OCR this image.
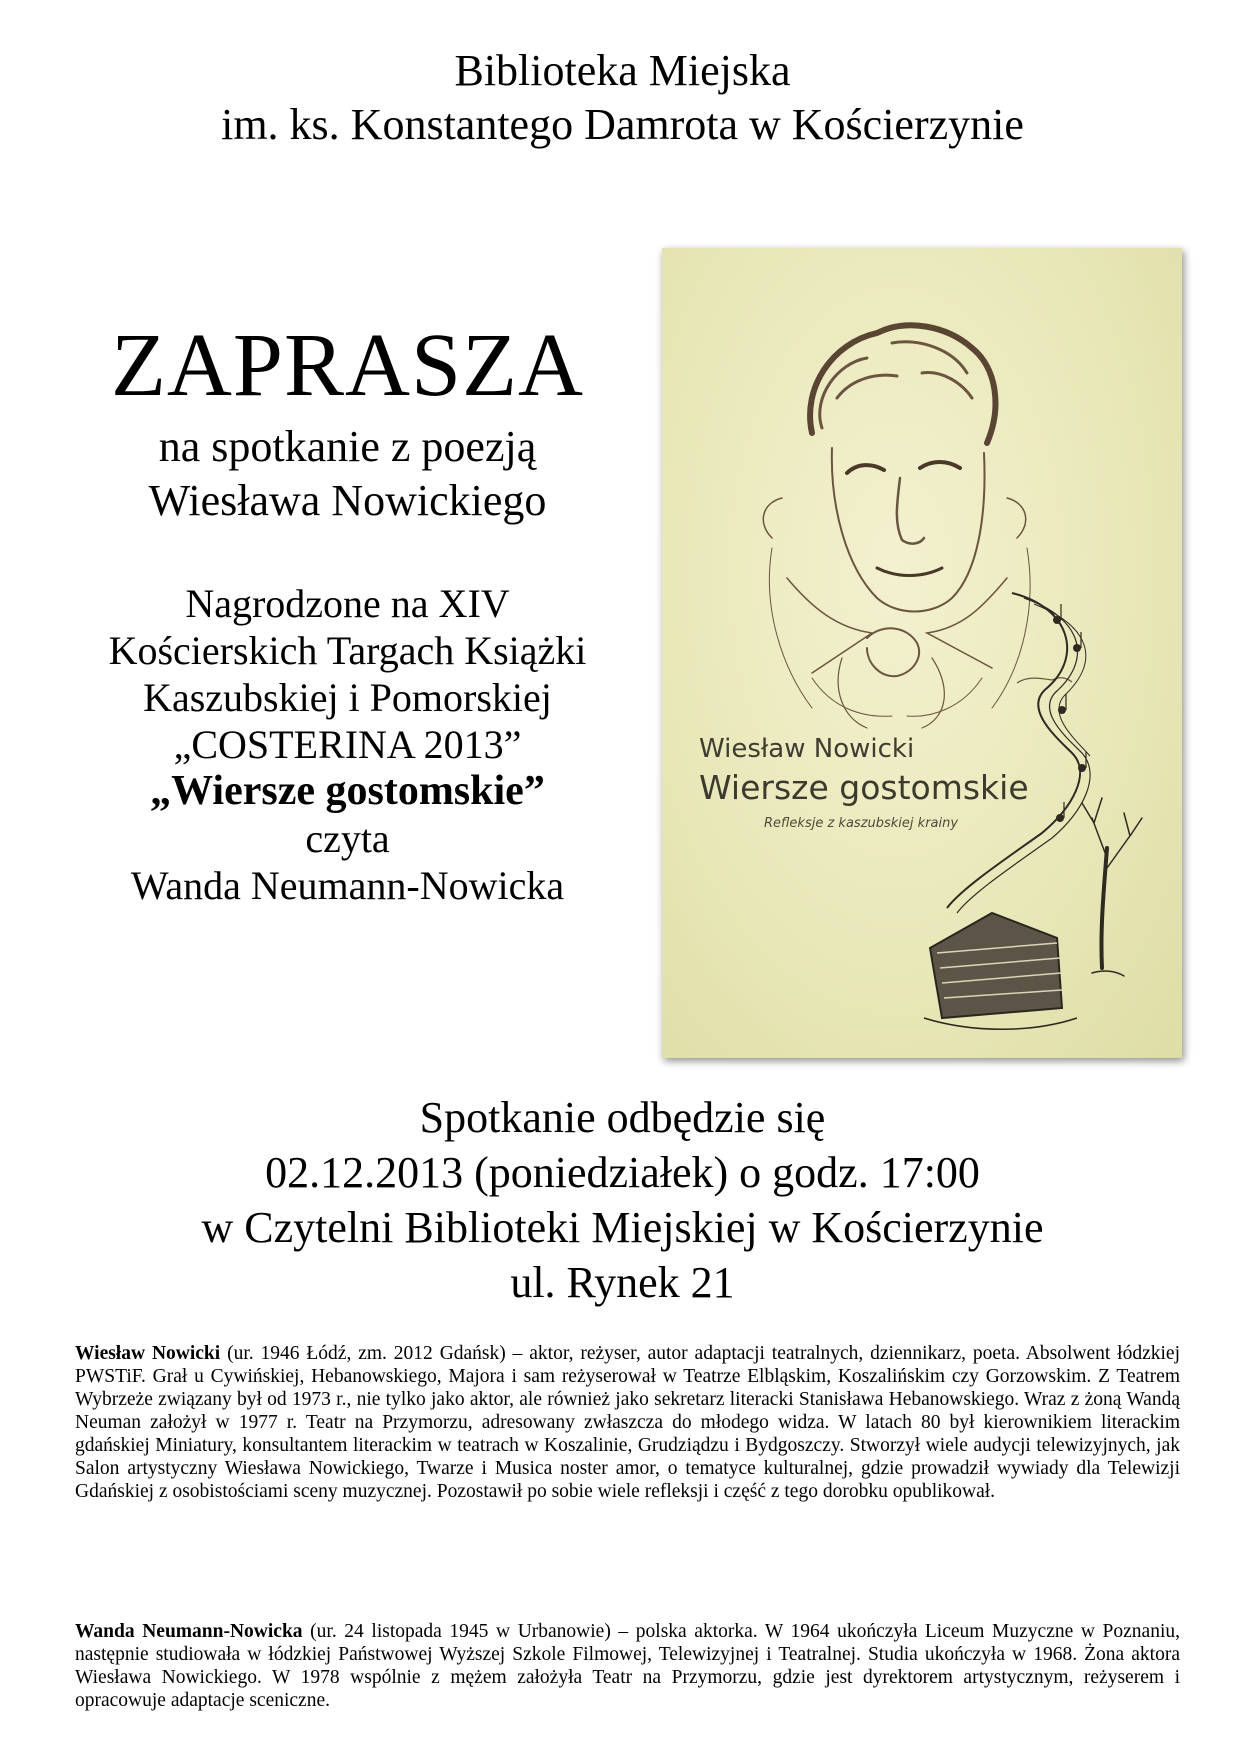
Biblioteka Miejska
im. ks. Konstantego Damrota w Kościerzynie
ZAPRASZA
na spotkanie z poezją
Wiesława Nowickiego
Nagrodzone na XIV
Kościerskich Targach Książki
Kaszubskiej i Pomorskiej
„COSTERINA 2013”
„Wiersze gostomskie”
czyta
Wanda Neumann-Nowicka
Wiesław Nowicki
Wiersze gostomskie
Refleksje z kaszubskiej krainy
Spotkanie odbędzie się
02.12.2013 (poniedziałek) o godz. 17:00
w Czytelni Biblioteki Miejskiej w Kościerzynie
ul. Rynek 21
Wiesław Nowicki (ur. 1946 Łódź, zm. 2012 Gdańsk) – aktor, reżyser, autor adaptacji teatralnych, dziennikarz, poeta. Absolwent łódzkiej PWSTiF. Grał u Cywińskiej, Hebanowskiego, Majora i sam reżyserował w Teatrze Elbląskim, Koszalińskim czy Gorzowskim. Z Teatrem Wybrzeże związany był od 1973 r., nie tylko jako aktor, ale również jako sekretarz literacki Stanisława Hebanowskiego. Wraz z żoną Wandą Neuman założył w 1977 r. Teatr na Przymorzu, adresowany zwłaszcza do młodego widza. W latach 80 był kierownikiem literackim gdańskiej Miniatury, konsultantem literackim w teatrach w Koszalinie, Grudziądzu i Bydgoszczy. Stworzył wiele audycji telewizyjnych, jak Salon artystyczny Wiesława Nowickiego, Twarze i Musica noster amor, o tematyce kulturalnej, gdzie prowadził wywiady dla Telewizji Gdańskiej z osobistościami sceny muzycznej. Pozostawił po sobie wiele refleksji i część z tego dorobku opublikował.
Wanda Neumann-Nowicka (ur. 24 listopada 1945 w Urbanowie) – polska aktorka. W 1964 ukończyła Liceum Muzyczne w Poznaniu, następnie studiowała w łódzkiej Państwowej Wyższej Szkole Filmowej, Telewizyjnej i Teatralnej. Studia ukończyła w 1968. Żona aktora Wiesława Nowickiego. W 1978 wspólnie z mężem założyła Teatr na Przymorzu, gdzie jest dyrektorem artystycznym, reżyserem i opracowuje adaptacje sceniczne.
